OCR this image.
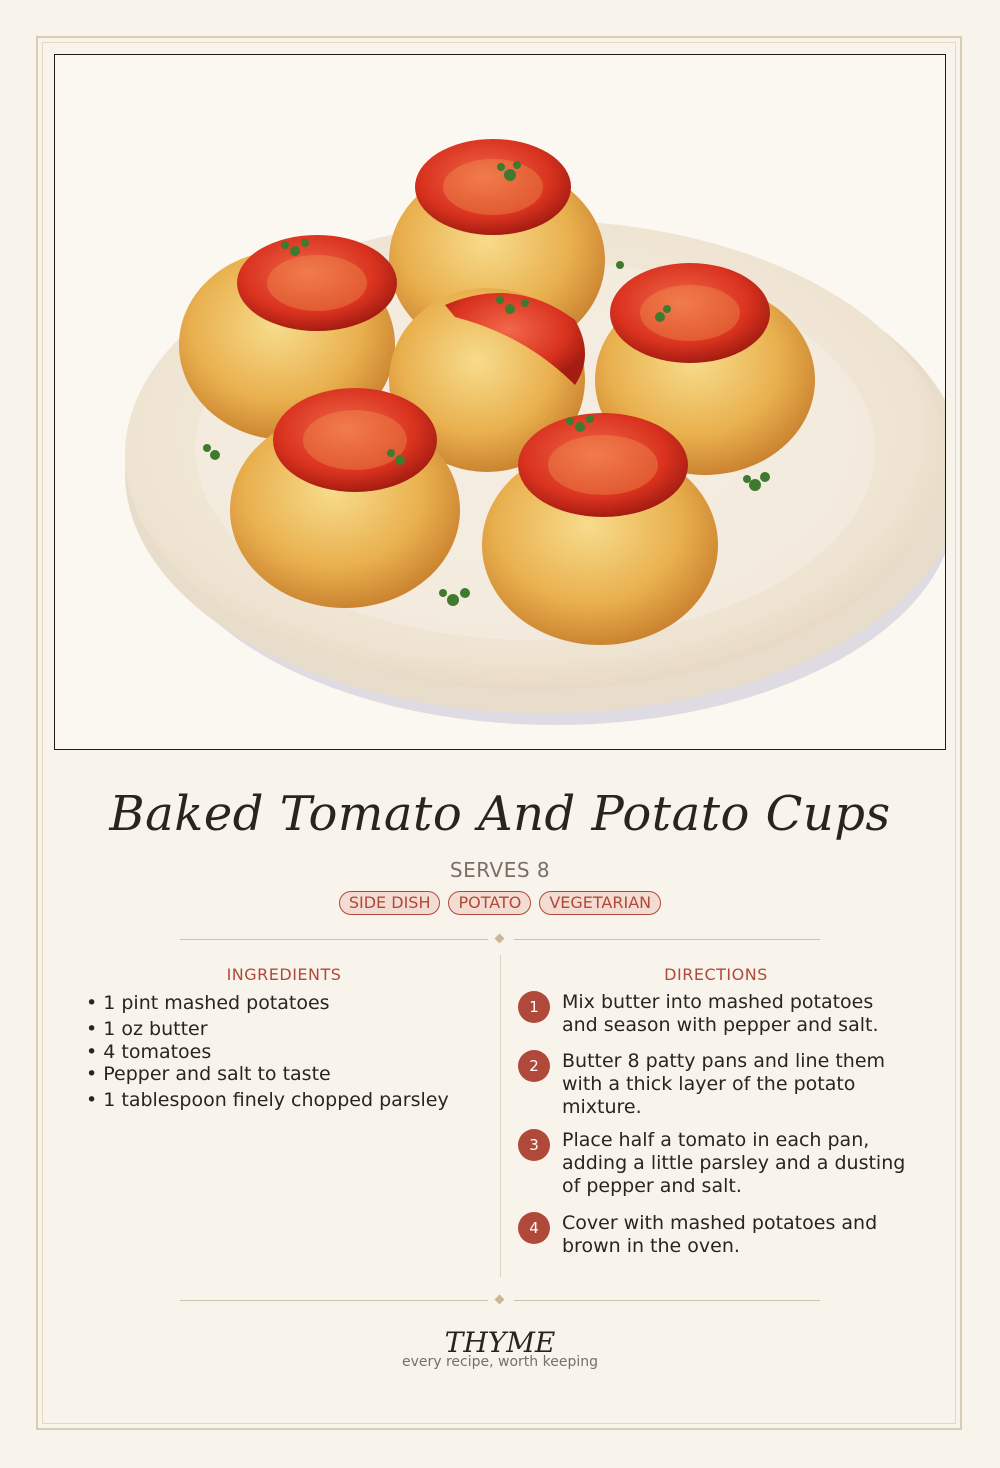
Baked Tomato And Potato Cups
SERVES 8
SIDE DISH POTATO VEGETARIAN
INGREDIENTS
• 1 pint mashed potatoes
• 1 oz butter
• 4 tomatoes
• Pepper and salt to taste
• 1 tablespoon finely chopped parsley
DIRECTIONS
1	Mix butter into mashed potatoes and season with pepper and salt.
2	Butter 8 patty pans and line them with a thick layer of the potato mixture.
3	Place half a tomato in each pan, adding a little parsley and a dusting of pepper and salt.
4	Cover with mashed potatoes and brown in the oven.
THYME
every recipe, worth keeping
